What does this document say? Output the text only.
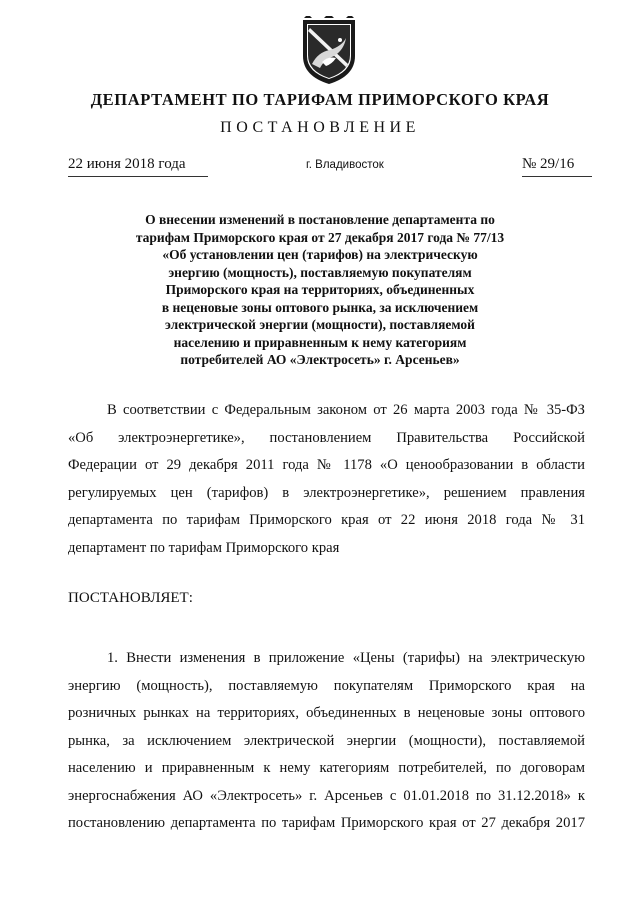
ДЕПАРТАМЕНТ ПО ТАРИФАМ ПРИМОРСКОГО КРАЯ
ПОСТАНОВЛЕНИЕ
22 июня 2018 года	г. Владивосток	№ 29/16
О внесении изменений в постановление департамента по
тарифам Приморского края от 27 декабря 2017 года № 77/13
«Об установлении цен (тарифов) на электрическую
энергию (мощность), поставляемую покупателям
Приморского края на территориях, объединенных
в неценовые зоны оптового рынка, за исключением
электрической энергии (мощности), поставляемой
населению и приравненным к нему категориям
потребителей АО «Электросеть» г. Арсеньев»
В соответствии с Федеральным законом от 26 марта 2003 года № 35-ФЗ
«Об электроэнергетике», постановлением Правительства Российской
Федерации от 29 декабря 2011 года № 1178 «О ценообразовании в области
регулируемых цен (тарифов) в электроэнергетике», решением правления
департамента по тарифам Приморского края от 22 июня 2018 года № 31
департамент по тарифам Приморского края
ПОСТАНОВЛЯЕТ:
1. Внести изменения в приложение «Цены (тарифы) на электрическую
энергию (мощность), поставляемую покупателям Приморского края на
розничных рынках на территориях, объединенных в неценовые зоны оптового
рынка, за исключением электрической энергии (мощности), поставляемой
населению и приравненным к нему категориям потребителей, по договорам
энергоснабжения АО «Электросеть» г. Арсеньев с 01.01.2018 по 31.12.2018» к
постановлению департамента по тарифам Приморского края от 27 декабря 2017
